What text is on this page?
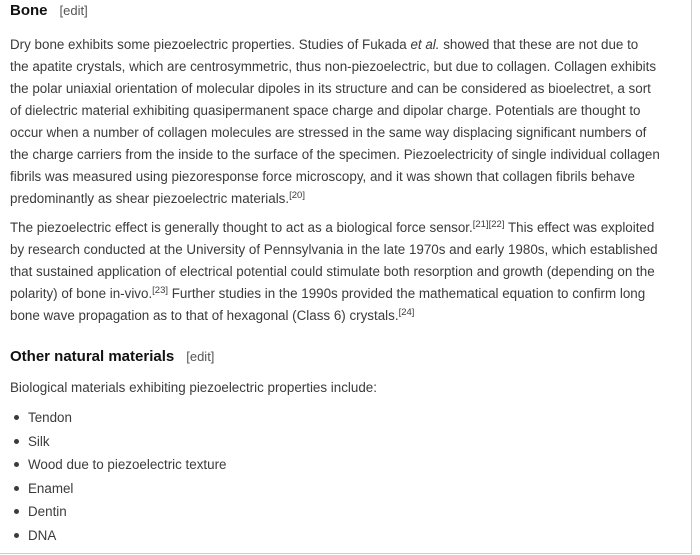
Bone [edit]
Dry bone exhibits some piezoelectric properties. Studies of Fukada et al. showed that these are not due to
the apatite crystals, which are centrosymmetric, thus non-piezoelectric, but due to collagen. Collagen exhibits
the polar uniaxial orientation of molecular dipoles in its structure and can be considered as bioelectret, a sort
of dielectric material exhibiting quasipermanent space charge and dipolar charge. Potentials are thought to
occur when a number of collagen molecules are stressed in the same way displacing significant numbers of
the charge carriers from the inside to the surface of the specimen. Piezoelectricity of single individual collagen
fibrils was measured using piezoresponse force microscopy, and it was shown that collagen fibrils behave
predominantly as shear piezoelectric materials.[20]
The piezoelectric effect is generally thought to act as a biological force sensor.[21][22] This effect was exploited
by research conducted at the University of Pennsylvania in the late 1970s and early 1980s, which established
that sustained application of electrical potential could stimulate both resorption and growth (depending on the
polarity) of bone in-vivo.[23] Further studies in the 1990s provided the mathematical equation to confirm long
bone wave propagation as to that of hexagonal (Class 6) crystals.[24]
Other natural materials [edit]
Biological materials exhibiting piezoelectric properties include:
Tendon
Silk
Wood due to piezoelectric texture
Enamel
Dentin
DNA
